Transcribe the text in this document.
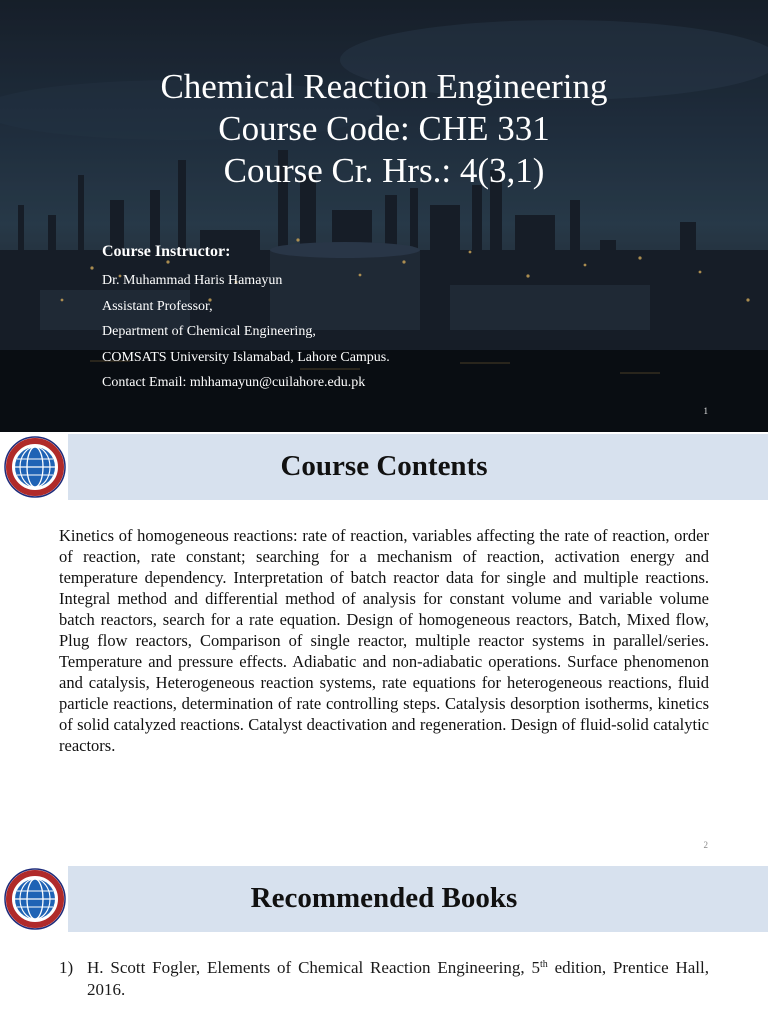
Chemical Reaction Engineering
Course Code: CHE 331
Course Cr. Hrs.: 4(3,1)
Course Instructor:
Dr. Muhammad Haris Hamayun
Assistant Professor,
Department of Chemical Engineering,
COMSATS University Islamabad, Lahore Campus.
Contact Email: mhhamayun@cuilahore.edu.pk
1
Course Contents
Kinetics of homogeneous reactions: rate of reaction, variables affecting the rate of reaction, order of reaction, rate constant; searching for a mechanism of reaction, activation energy and temperature dependency. Interpretation of batch reactor data for single and multiple reactions. Integral method and differential method of analysis for constant volume and variable volume batch reactors, search for a rate equation. Design of homogeneous reactors, Batch, Mixed flow, Plug flow reactors, Comparison of single reactor, multiple reactor systems in parallel/series. Temperature and pressure effects. Adiabatic and non-adiabatic operations. Surface phenomenon and catalysis, Heterogeneous reaction systems, rate equations for heterogeneous reactions, fluid particle reactions, determination of rate controlling steps. Catalysis desorption isotherms, kinetics of solid catalyzed reactions. Catalyst deactivation and regeneration. Design of fluid-solid catalytic reactors.
2
Recommended Books
1) H. Scott Fogler, Elements of Chemical Reaction Engineering, 5th edition, Prentice Hall, 2016.
